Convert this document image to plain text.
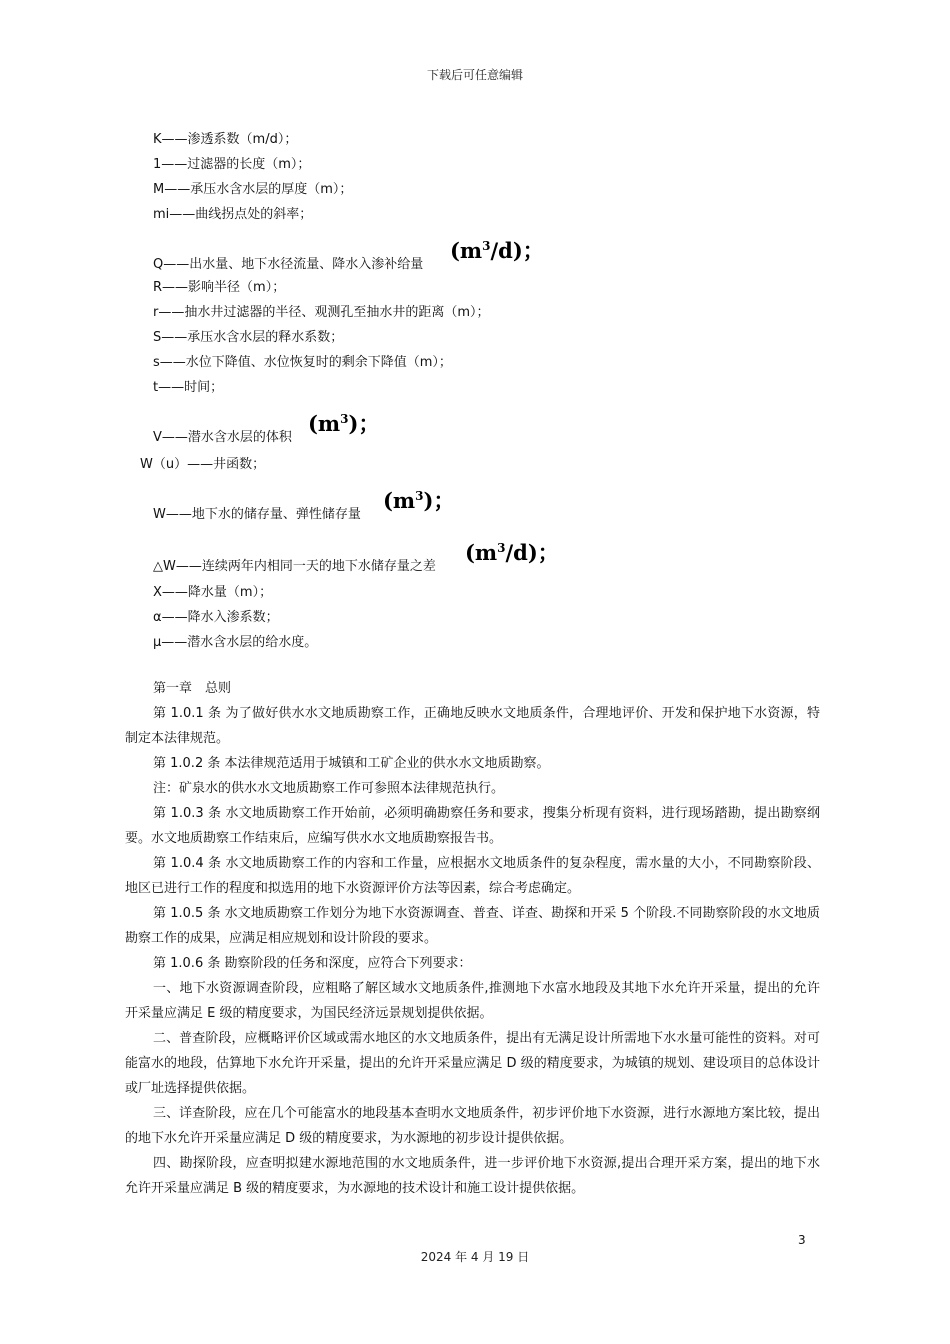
下载后可任意编辑
K——渗透系数（m/d）；
1——过滤器的长度（m）；
M——承压水含水层的厚度（m）；
mi——曲线拐点处的斜率；
Q——出水量、地下水径流量、降水入渗补给量
$(m^3/d)$；
R——影响半径（m）；
r——抽水井过滤器的半径、观测孔至抽水井的距离（m）；
S——承压水含水层的释水系数；
s——水位下降值、水位恢复时的剩余下降值（m）；
t——时间；
V——潜水含水层的体积
$(m^3)$；
W（u）——井函数；
W——地下水的储存量、弹性储存量
$(m^3)$；
△W——连续两年内相同一天的地下水储存量之差
$(m^3/d)$；
X——降水量（m）；
α——降水入渗系数；
μ——潜水含水层的给水度。

第一章　总则

第 1.0.1 条 为了做好供水水文地质勘察工作，正确地反映水文地质条件，合理地评价、开发和保护地下水资源，特制定本法律规范。

第 1.0.2 条 本法律规范适用于城镇和工矿企业的供水水文地质勘察。

注：矿泉水的供水水文地质勘察工作可参照本法律规范执行。

第 1.0.3 条 水文地质勘察工作开始前，必须明确勘察任务和要求，搜集分析现有资料，进行现场踏勘，提出勘察纲要。水文地质勘察工作结束后，应编写供水水文地质勘察报告书。

第 1.0.4 条 水文地质勘察工作的内容和工作量，应根据水文地质条件的复杂程度，需水量的大小，不同勘察阶段、地区已进行工作的程度和拟选用的地下水资源评价方法等因素，综合考虑确定。

第 1.0.5 条 水文地质勘察工作划分为地下水资源调查、普查、详查、勘探和开采 5 个阶段.不同勘察阶段的水文地质勘察工作的成果，应满足相应规划和设计阶段的要求。

第 1.0.6 条 勘察阶段的任务和深度，应符合下列要求：

一、地下水资源调查阶段，应粗略了解区域水文地质条件,推测地下水富水地段及其地下水允许开采量，提出的允许开采量应满足 E 级的精度要求，为国民经济远景规划提供依据。

二、普查阶段，应概略评价区域或需水地区的水文地质条件，提出有无满足设计所需地下水水量可能性的资料。对可能富水的地段，估算地下水允许开采量，提出的允许开采量应满足 D 级的精度要求，为城镇的规划、建设项目的总体设计或厂址选择提供依据。

三、详查阶段，应在几个可能富水的地段基本查明水文地质条件，初步评价地下水资源，进行水源地方案比较，提出的地下水允许开采量应满足 D 级的精度要求，为水源地的初步设计提供依据。

四、勘探阶段，应查明拟建水源地范围的水文地质条件，进一步评价地下水资源,提出合理开采方案，提出的地下水允许开采量应满足 B 级的精度要求，为水源地的技术设计和施工设计提供依据。

3
2024 年 4 月 19 日
